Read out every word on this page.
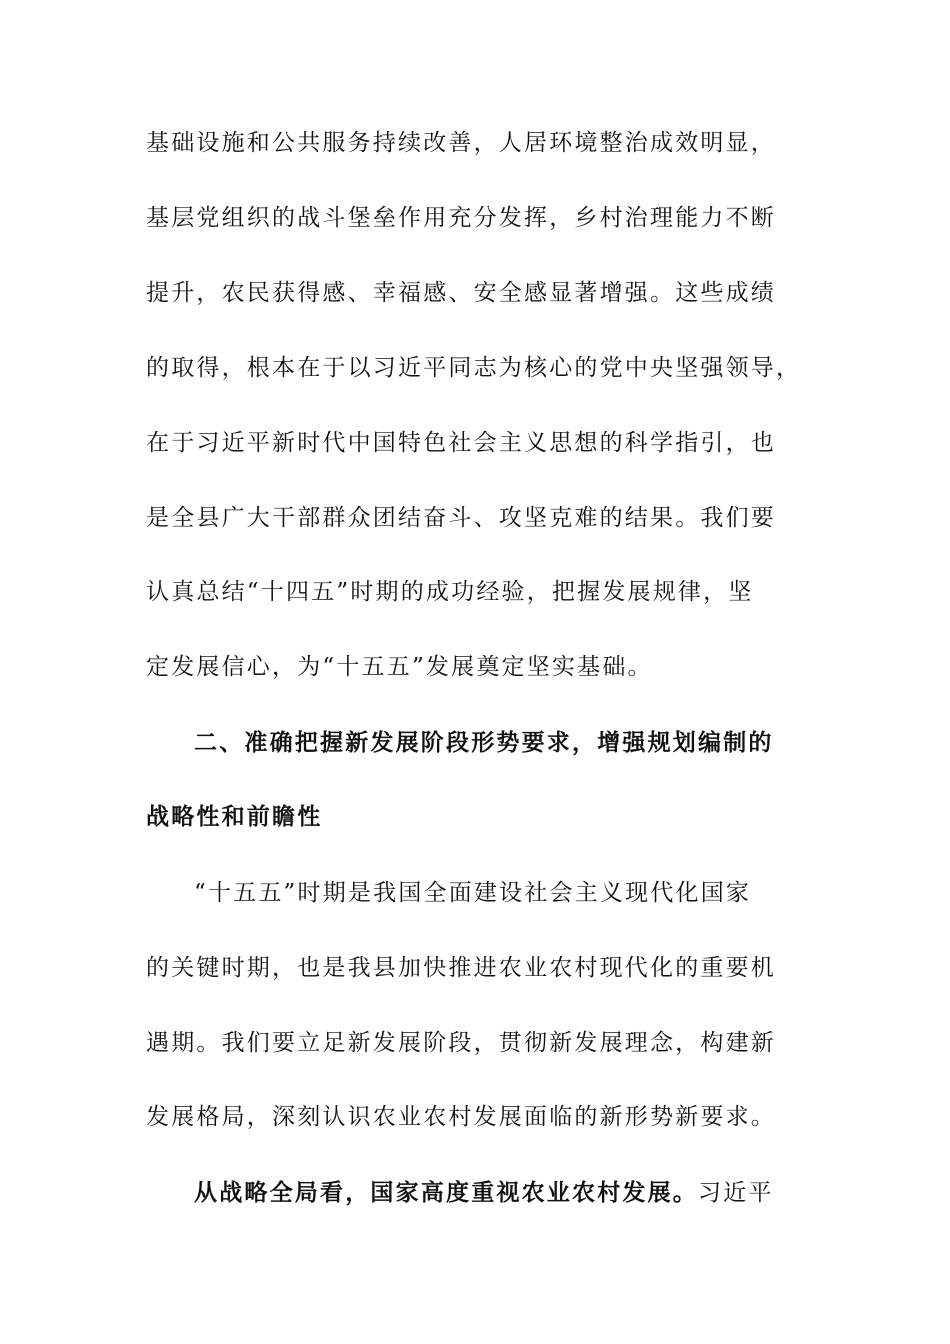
基础设施和公共服务持续改善，人居环境整治成效明显，
基层党组织的战斗堡垒作用充分发挥，乡村治理能力不断
提升，农民获得感、幸福感、安全感显著增强。这些成绩
的取得，根本在于以习近平同志为核心的党中央坚强领导，
在于习近平新时代中国特色社会主义思想的科学指引，也
是全县广大干部群众团结奋斗、攻坚克难的结果。我们要
认真总结“十四五”时期的成功经验，把握发展规律，坚
定发展信心，为“十五五”发展奠定坚实基础。
二、准确把握新发展阶段形势要求，增强规划编制的
战略性和前瞻性
“十五五”时期是我国全面建设社会主义现代化国家
的关键时期，也是我县加快推进农业农村现代化的重要机
遇期。我们要立足新发展阶段，贯彻新发展理念，构建新
发展格局，深刻认识农业农村发展面临的新形势新要求。
从战略全局看，国家高度重视农业农村发展。习近平
